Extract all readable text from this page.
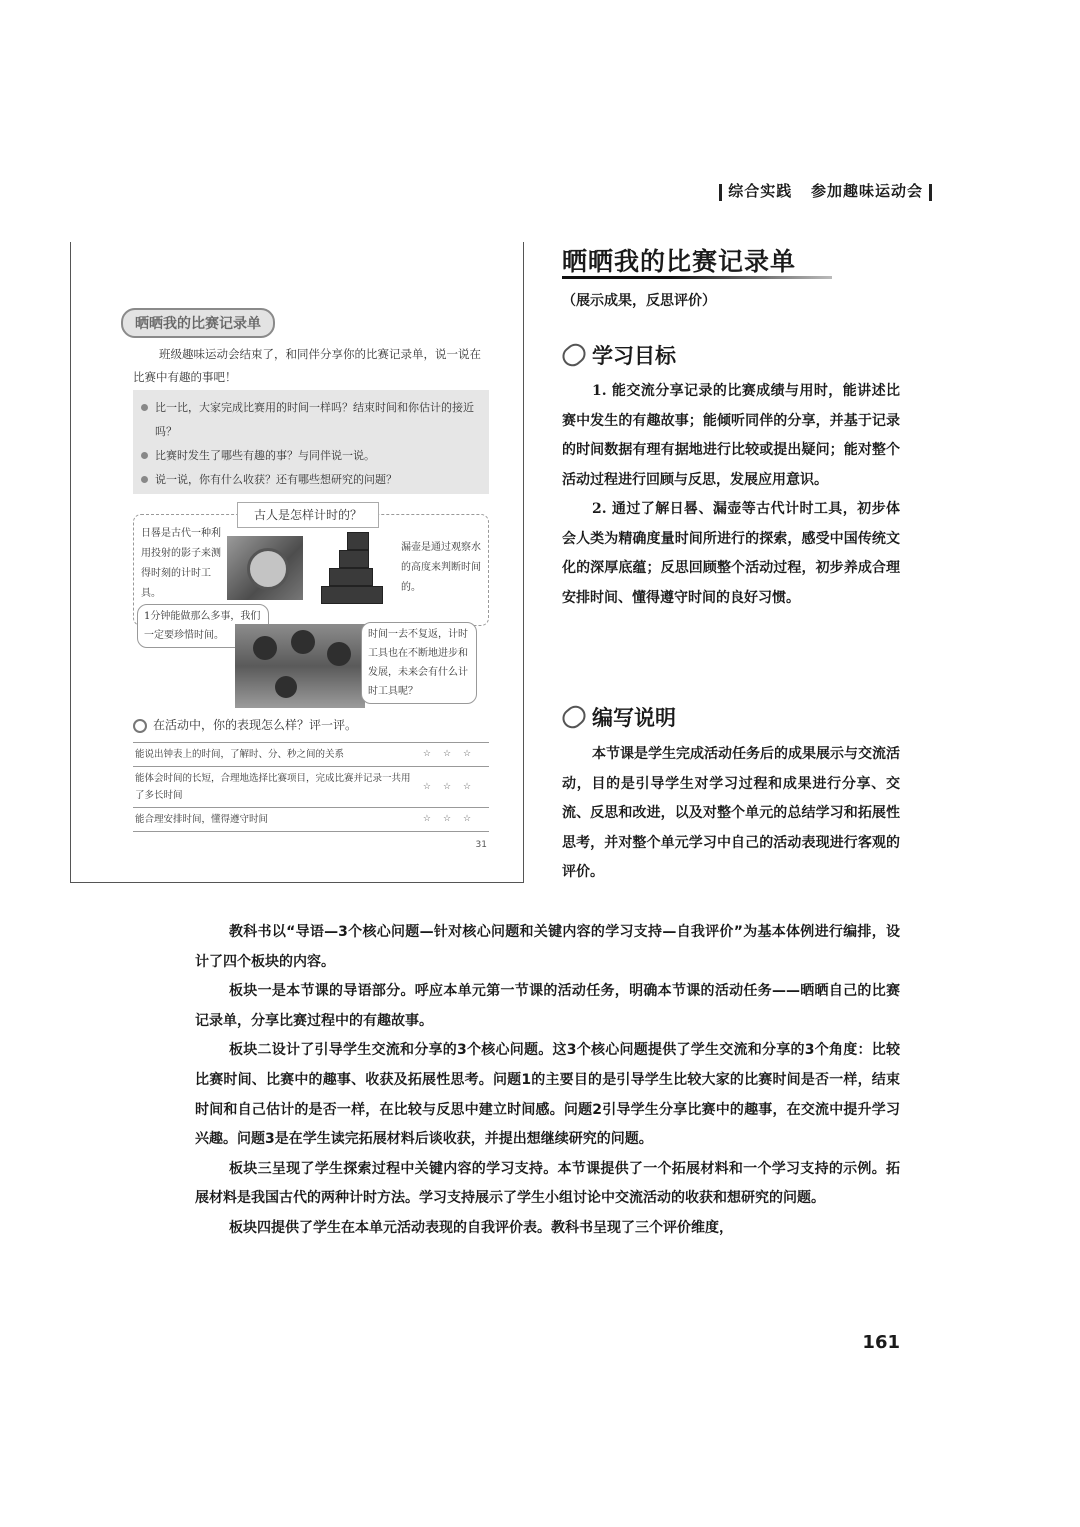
综合实践 参加趣味运动会
晒晒我的比赛记录单
班级趣味运动会结束了，和同伴分享你的比赛记录单，说一说在比赛中有趣的事吧！
比一比，大家完成比赛用的时间一样吗？结束时间和你估计的接近吗？
比赛时发生了哪些有趣的事？与同伴说一说。
说一说，你有什么收获？还有哪些想研究的问题？
古人是怎样计时的？
日晷是古代一种利用投射的影子来测得时刻的计时工具。
漏壶是通过观察水的高度来判断时间的。
1分钟能做那么多事，我们一定要珍惜时间。	时间一去不复返，计时工具也在不断地进步和发展，未来会有什么计时工具呢？
在活动中，你的表现怎么样？评一评。
能说出钟表上的时间，了解时、分、秒之间的关系	☆☆☆
能体会时间的长短，合理地选择比赛项目，完成比赛并记录一共用了多长时间	☆☆☆
能合理安排时间，懂得遵守时间	☆☆☆
31
晒晒我的比赛记录单
（展示成果，反思评价）
学习目标

1. 能交流分享记录的比赛成绩与用时，能讲述比赛中发生的有趣故事；能倾听同伴的分享，并基于记录的时间数据有理有据地进行比较或提出疑问；能对整个活动过程进行回顾与反思，发展应用意识。

2. 通过了解日晷、漏壶等古代计时工具，初步体会人类为精确度量时间所进行的探索，感受中国传统文化的深厚底蕴；反思回顾整个活动过程，初步养成合理安排时间、懂得遵守时间的良好习惯。

编写说明

本节课是学生完成活动任务后的成果展示与交流活动，目的是引导学生对学习过程和成果进行分享、交流、反思和改进，以及对整个单元的总结学习和拓展性思考，并对整个单元学习中自己的活动表现进行客观的评价。

教科书以“导语—3个核心问题—针对核心问题和关键内容的学习支持—自我评价”为基本体例进行编排，设计了四个板块的内容。

板块一是本节课的导语部分。呼应本单元第一节课的活动任务，明确本节课的活动任务——晒晒自己的比赛记录单，分享比赛过程中的有趣故事。

板块二设计了引导学生交流和分享的3个核心问题。这3个核心问题提供了学生交流和分享的3个角度：比较比赛时间、比赛中的趣事、收获及拓展性思考。问题1的主要目的是引导学生比较大家的比赛时间是否一样，结束时间和自己估计的是否一样，在比较与反思中建立时间感。问题2引导学生分享比赛中的趣事，在交流中提升学习兴趣。问题3是在学生读完拓展材料后谈收获，并提出想继续研究的问题。

板块三呈现了学生探索过程中关键内容的学习支持。本节课提供了一个拓展材料和一个学习支持的示例。拓展材料是我国古代的两种计时方法。学习支持展示了学生小组讨论中交流活动的收获和想研究的问题。

板块四提供了学生在本单元活动表现的自我评价表。教科书呈现了三个评价维度，

161
